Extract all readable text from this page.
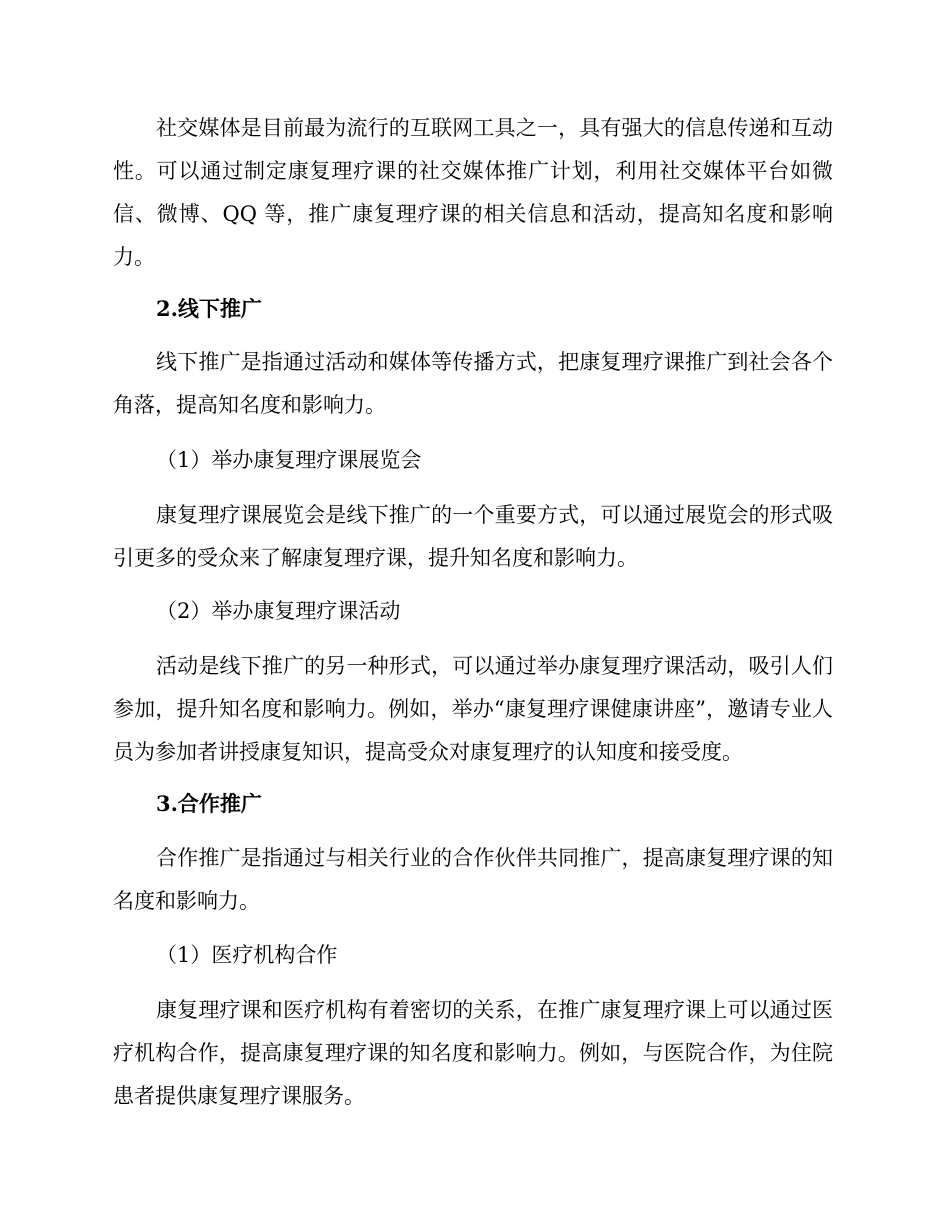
社交媒体是目前最为流行的互联网工具之一，具有强大的信息传递和互动性。可以通过制定康复理疗课的社交媒体推广计划，利用社交媒体平台如微信、微博、QQ 等，推广康复理疗课的相关信息和活动，提高知名度和影响力。

2.线下推广

线下推广是指通过活动和媒体等传播方式，把康复理疗课推广到社会各个角落，提高知名度和影响力。

（1）举办康复理疗课展览会

康复理疗课展览会是线下推广的一个重要方式，可以通过展览会的形式吸引更多的受众来了解康复理疗课，提升知名度和影响力。

（2）举办康复理疗课活动

活动是线下推广的另一种形式，可以通过举办康复理疗课活动，吸引人们参加，提升知名度和影响力。例如，举办“康复理疗课健康讲座”，邀请专业人员为参加者讲授康复知识，提高受众对康复理疗的认知度和接受度。

3.合作推广

合作推广是指通过与相关行业的合作伙伴共同推广，提高康复理疗课的知名度和影响力。

（1）医疗机构合作

康复理疗课和医疗机构有着密切的关系，在推广康复理疗课上可以通过医疗机构合作，提高康复理疗课的知名度和影响力。例如，与医院合作，为住院患者提供康复理疗课服务。
